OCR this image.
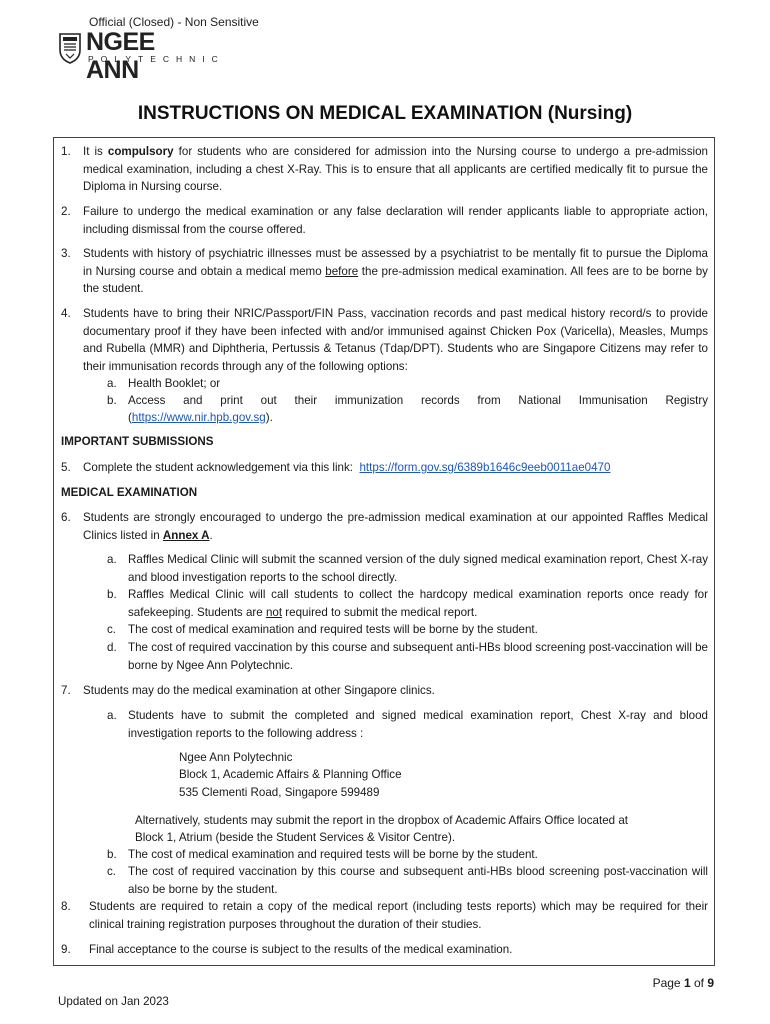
Official (Closed) - Non Sensitive
NGEE ANN
POLYTECHNIC
INSTRUCTIONS ON MEDICAL EXAMINATION (Nursing)
1. It is compulsory for students who are considered for admission into the Nursing course to undergo a pre-admission medical examination, including a chest X-Ray. This is to ensure that all applicants are certified medically fit to pursue the Diploma in Nursing course.
2. Failure to undergo the medical examination or any false declaration will render applicants liable to appropriate action, including dismissal from the course offered.
3. Students with history of psychiatric illnesses must be assessed by a psychiatrist to be mentally fit to pursue the Diploma in Nursing course and obtain a medical memo before the pre-admission medical examination. All fees are to be borne by the student.
4. Students have to bring their NRIC/Passport/FIN Pass, vaccination records and past medical history record/s to provide documentary proof if they have been infected with and/or immunised against Chicken Pox (Varicella), Measles, Mumps and Rubella (MMR) and Diphtheria, Pertussis & Tetanus (Tdap/DPT). Students who are Singapore Citizens may refer to their immunisation records through any of the following options:
a. Health Booklet; or
b. Access and print out their immunization records from National Immunisation Registry
(https://www.nir.hpb.gov.sg).
IMPORTANT SUBMISSIONS
5. Complete the student acknowledgement via this link: https://form.gov.sg/6389b1646c9eeb0011ae0470
MEDICAL EXAMINATION
6. Students are strongly encouraged to undergo the pre-admission medical examination at our appointed Raffles Medical Clinics listed in Annex A.
a. Raffles Medical Clinic will submit the scanned version of the duly signed medical examination report, Chest X-ray and blood investigation reports to the school directly.
b. Raffles Medical Clinic will call students to collect the hardcopy medical examination reports once ready for safekeeping. Students are not required to submit the medical report.
c. The cost of medical examination and required tests will be borne by the student.
d. The cost of required vaccination by this course and subsequent anti-HBs blood screening post-vaccination will be borne by Ngee Ann Polytechnic.
7. Students may do the medical examination at other Singapore clinics.
a. Students have to submit the completed and signed medical examination report, Chest X-ray and blood investigation reports to the following address :
Ngee Ann Polytechnic
Block 1, Academic Affairs & Planning Office
535 Clementi Road, Singapore 599489
Alternatively, students may submit the report in the dropbox of Academic Affairs Office located at
Block 1, Atrium (beside the Student Services & Visitor Centre).
b. The cost of medical examination and required tests will be borne by the student.
c. The cost of required vaccination by this course and subsequent anti-HBs blood screening post-vaccination will also be borne by the student.
8. Students are required to retain a copy of the medical report (including tests reports) which may be required for their clinical training registration purposes throughout the duration of their studies.
9. Final acceptance to the course is subject to the results of the medical examination.
Page 1 of 9
Updated on Jan 2023
